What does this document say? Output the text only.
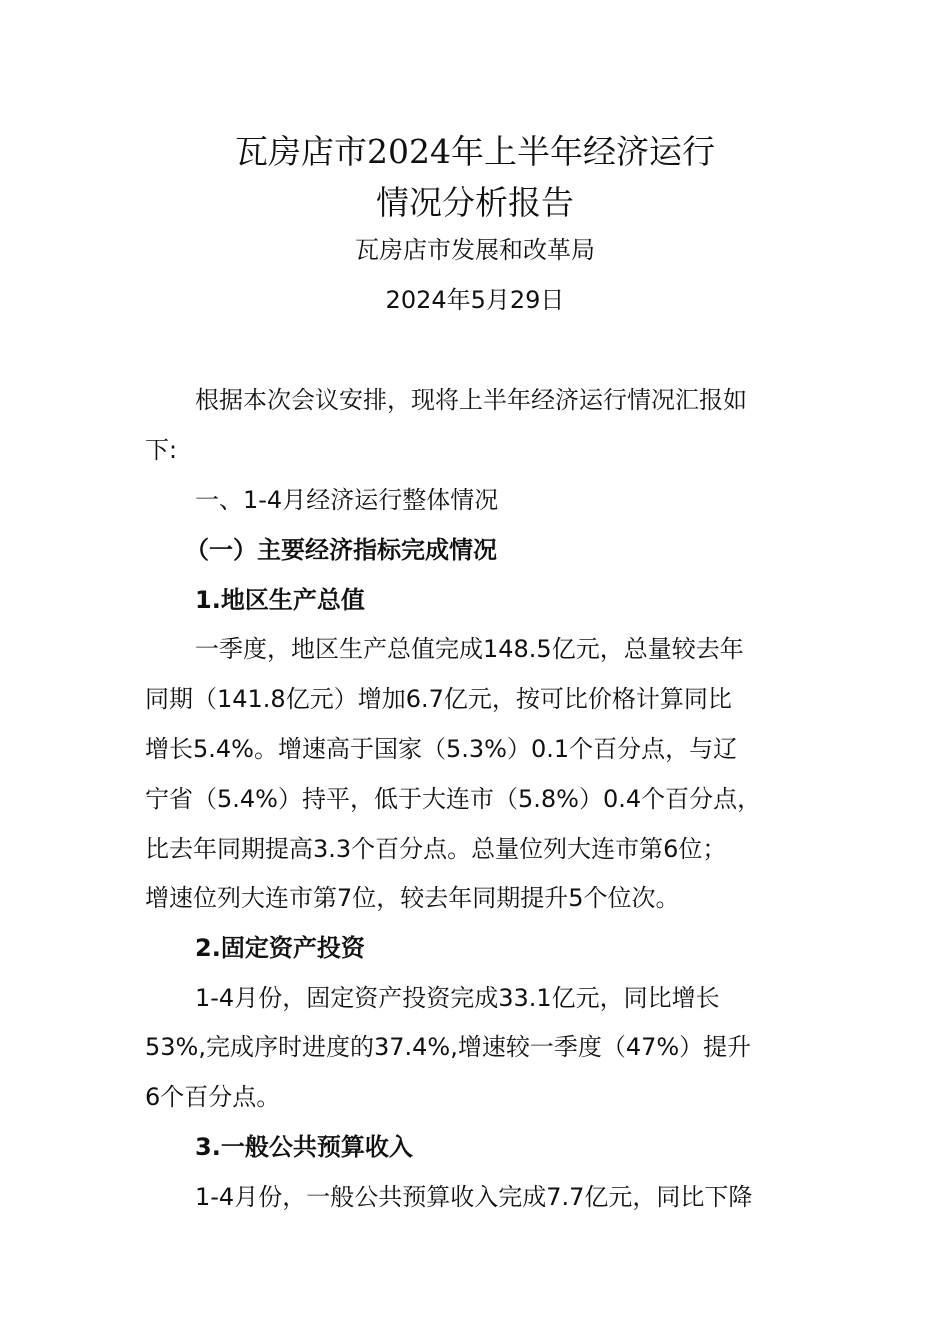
瓦房店市2024年上半年经济运行
情况分析报告
瓦房店市发展和改革局
2024年5月29日
根据本次会议安排，现将上半年经济运行情况汇报如
下:
一、1-4月经济运行整体情况
（一）主要经济指标完成情况
1.地区生产总值
一季度，地区生产总值完成148.5亿元，总量较去年
同期（141.8亿元）增加6.7亿元，按可比价格计算同比
增长5.4%。增速高于国家（5.3%）0.1个百分点，与辽
宁省（5.4%）持平，低于大连市（5.8%）0.4个百分点，
比去年同期提高3.3个百分点。总量位列大连市第6位；
增速位列大连市第7位，较去年同期提升5个位次。
2.固定资产投资
1-4月份，固定资产投资完成33.1亿元，同比增长
53%,完成序时进度的37.4%,增速较一季度（47%）提升
6个百分点。
3.一般公共预算收入
1-4月份，一般公共预算收入完成7.7亿元，同比下降
